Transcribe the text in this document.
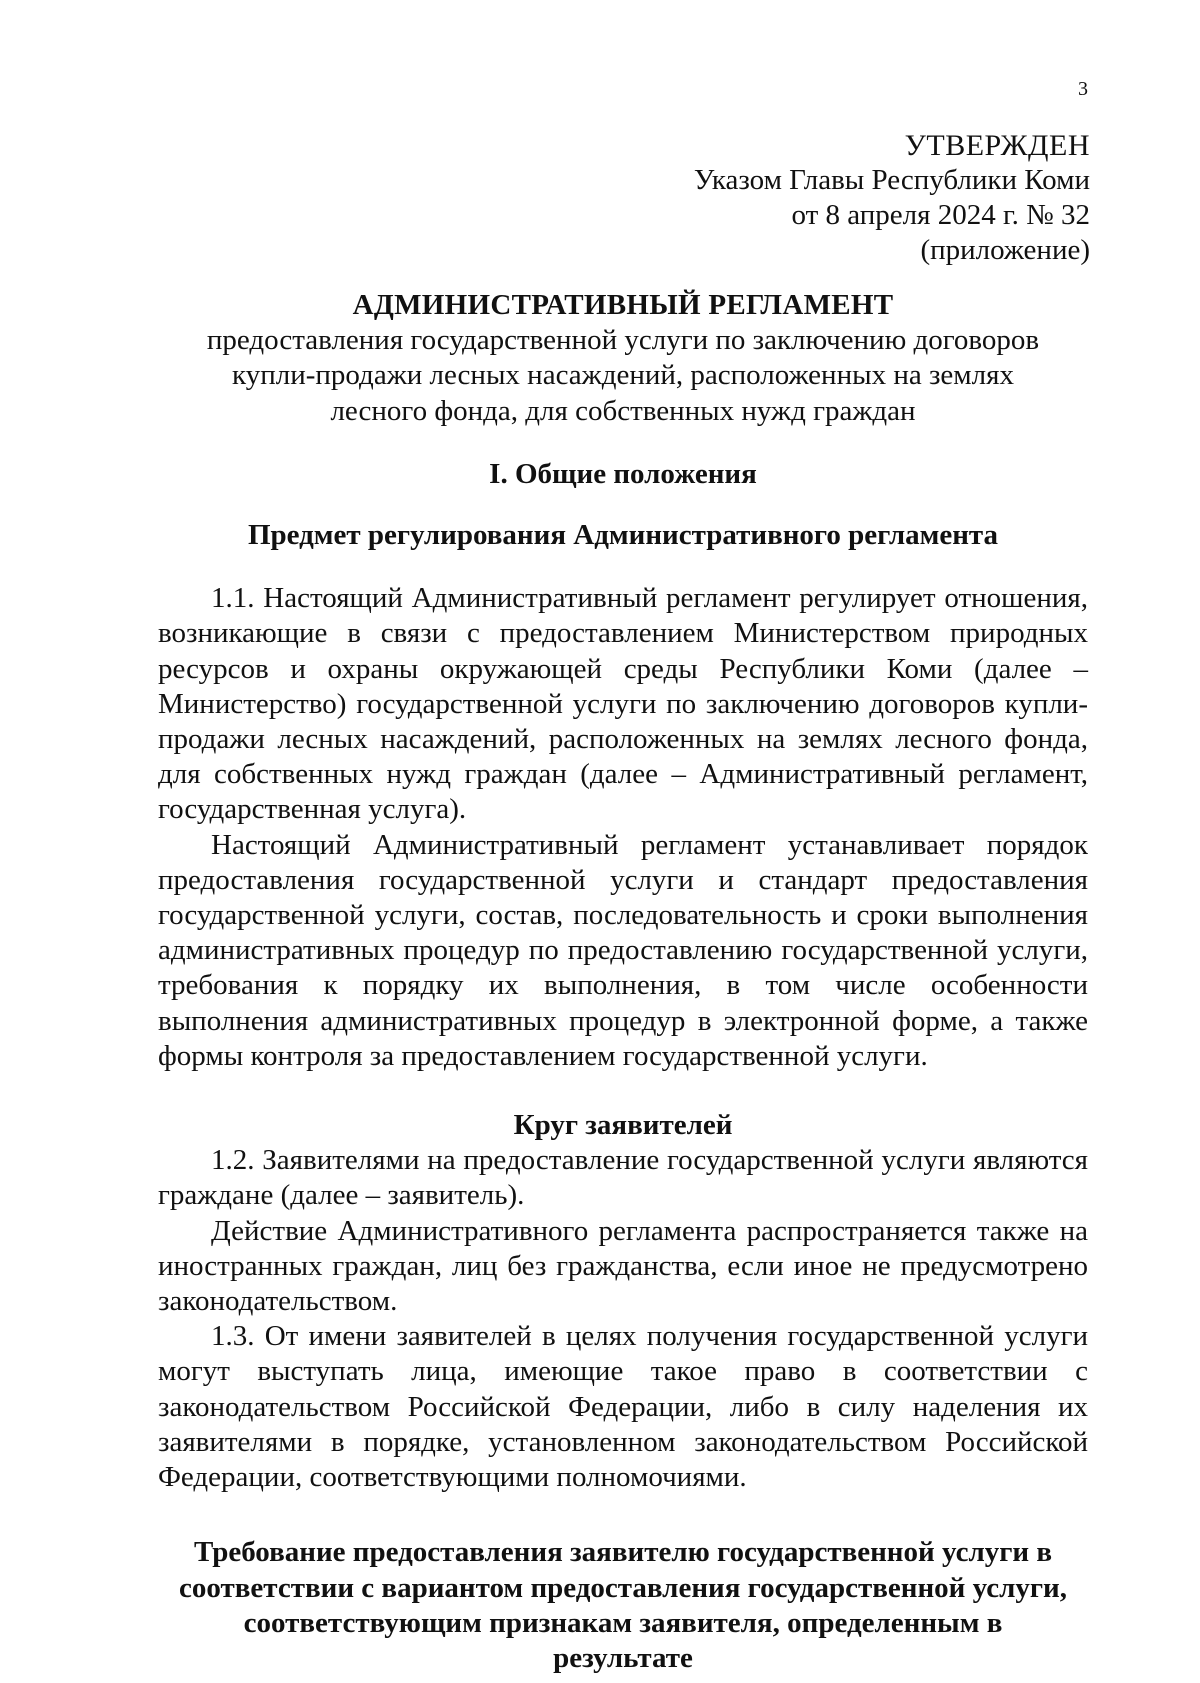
3
УТВЕРЖДЕН
Указом Главы Республики Коми
от 8 апреля 2024 г. № 32
(приложение)
АДМИНИСТРАТИВНЫЙ РЕГЛАМЕНТ
предоставления государственной услуги по заключению договоров купли-продажи лесных насаждений, расположенных на землях лесного фонда, для собственных нужд граждан
I. Общие положения
Предмет регулирования Административного регламента
1.1. Настоящий Административный регламент регулирует отношения, возникающие в связи с предоставлением Министерством природных ресурсов и охраны окружающей среды Республики Коми (далее – Министерство) государственной услуги по заключению договоров купли-продажи лесных насаждений, расположенных на землях лесного фонда, для собственных нужд граждан (далее – Административный регламент, государственная услуга).
Настоящий Административный регламент устанавливает порядок предоставления государственной услуги и стандарт предоставления государственной услуги, состав, последовательность и сроки выполнения административных процедур по предоставлению государственной услуги, требования к порядку их выполнения, в том числе особенности выполнения административных процедур в электронной форме, а также формы контроля за предоставлением государственной услуги.
Круг заявителей
1.2. Заявителями на предоставление государственной услуги являются граждане (далее – заявитель).
Действие Административного регламента распространяется также на иностранных граждан, лиц без гражданства, если иное не предусмотрено законодательством.
1.3. От имени заявителей в целях получения государственной услуги могут выступать лица, имеющие такое право в соответствии с законодательством Российской Федерации, либо в силу наделения их заявителями в порядке, установленном законодательством Российской Федерации, соответствующими полномочиями.
Требование предоставления заявителю государственной услуги в соответствии с вариантом предоставления государственной услуги, соответствующим признакам заявителя, определенным в результате
